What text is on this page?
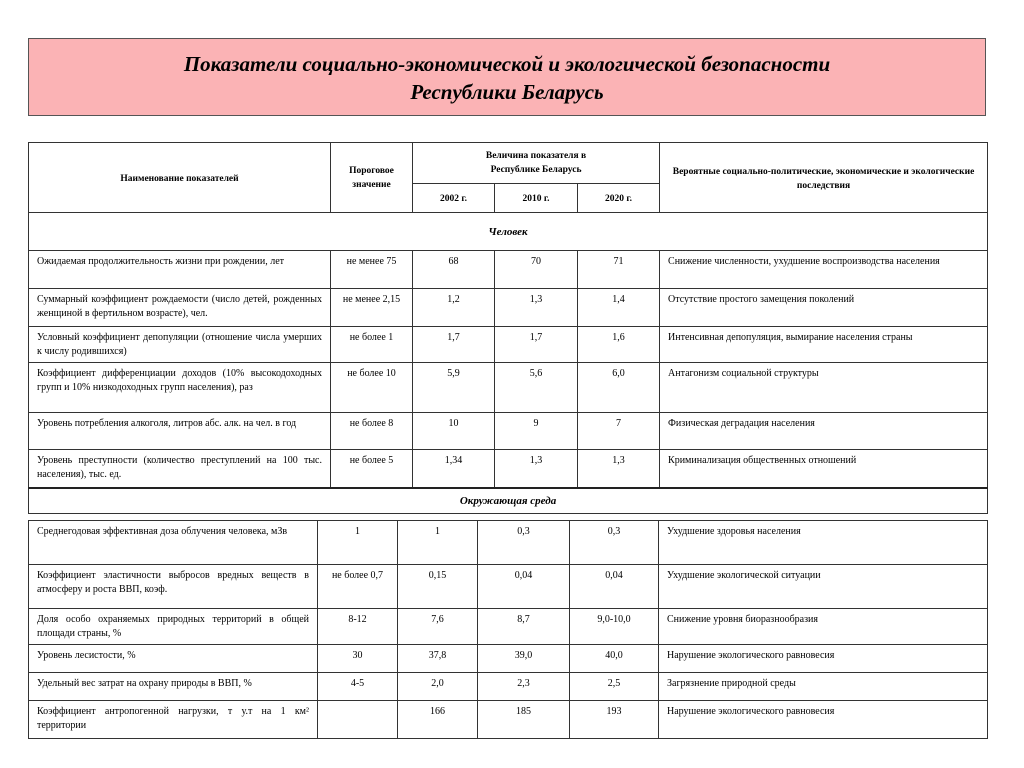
Показатели социально-экономической и экологической безопасности
Республики Беларусь
Наименование показателей	Пороговое значение	Величина показателя в Республике Беларусь			Вероятные социально-политические, экономические и экологические последствия
		2002 г.	2010 г.	2020 г.	
Человек					
Ожидаемая продолжительность жизни при рождении, лет	не менее 75	68	70	71	Снижение численности, ухудшение воспроизводства населения
Суммарный коэффициент рождаемости (число детей, рожденных женщиной в фертильном возрасте), чел.	не менее 2,15	1,2	1,3	1,4	Отсутствие простого замещения поколений
Условный коэффициент депопуляции (отношение числа умерших к числу родившихся)	не более 1	1,7	1,7	1,6	Интенсивная депопуляция, вымирание населения страны
Коэффициент дифференциации доходов (10% высокодоходных групп и 10% низкодоходных групп населения), раз	не более 10	5,9	5,6	6,0	Антагонизм социальной структуры
Уровень потребления алкоголя, литров абс. алк. на чел. в год	не более 8	10	9	7	Физическая деградация населения
Уровень преступности (количество преступлений на 100 тыс. населения), тыс. ед.	не более 5	1,34	1,3	1,3	Криминализация общественных отношений
Окружающая среда					
Среднегодовая эффективная доза облучения человека, мЗв	1	1	0,3	0,3	Ухудшение здоровья населения
Коэффициент эластичности выбросов вредных веществ в атмосферу и роста ВВП, коэф.	не более 0,7	0,15	0,04	0,04	Ухудшение экологической ситуации
Доля особо охраняемых природных территорий в общей площади страны, %	8-12	7,6	8,7	9,0-10,0	Снижение уровня биоразнообразия
Уровень лесистости, %	30	37,8	39,0	40,0	Нарушение экологического равновесия
Удельный вес затрат на охрану природы в ВВП, %	4-5	2,0	2,3	2,5	Загрязнение природной среды
Коэффициент антропогенной нагрузки, т у.т на 1 км² территории		166	185	193	Нарушение экологического равновесия
